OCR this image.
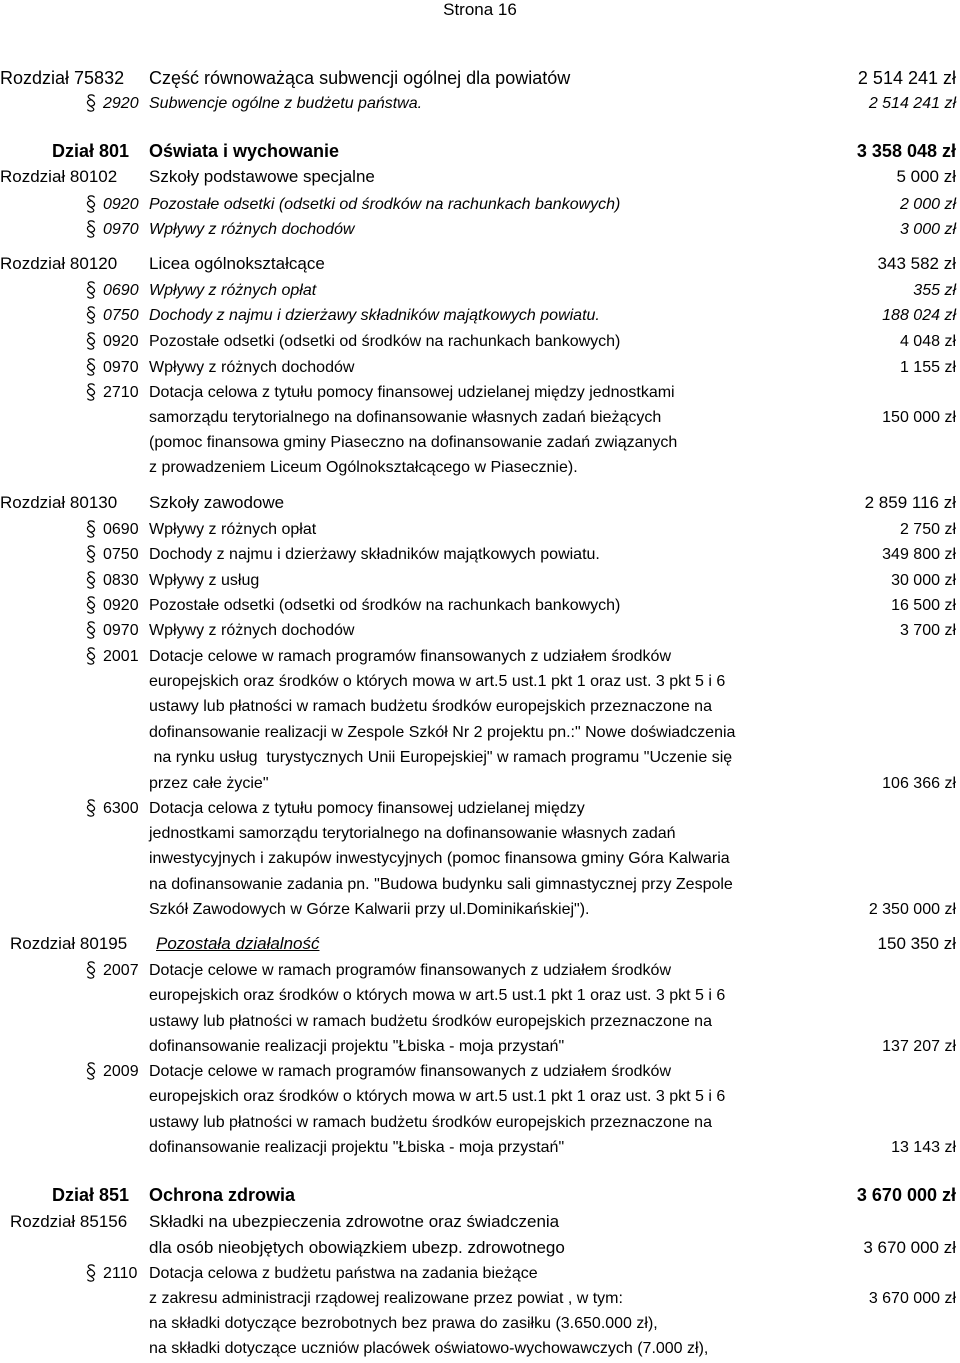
Strona 16
Rozdział 75832 Część równoważąca subwencji ogólnej dla powiatów	2 514 241 zł
2920 Subwencje ogólne z budżetu państwa.	2 514 241 zł
Dział 801 Oświata i wychowanie	3 358 048 zł
Rozdział 80102 Szkoły podstawowe specjalne	5 000 zł
0920 Pozostałe odsetki (odsetki od środków na rachunkach bankowych)	2 000 zł
0970 Wpływy z różnych dochodów	3 000 zł
Rozdział 80120 Licea ogólnokształcące	343 582 zł
0690 Wpływy z różnych opłat	355 zł
0750 Dochody z najmu i dzierżawy składników majątkowych powiatu.	188 024 zł
0920 Pozostałe odsetki (odsetki od środków na rachunkach bankowych)	4 048 zł
0970 Wpływy z różnych dochodów	1 155 zł
2710 Dotacja celowa z tytułu pomocy finansowej udzielanej między jednostkami
samorządu terytorialnego na dofinansowanie własnych zadań bieżących	150 000 zł
(pomoc finansowa gminy Piaseczno na dofinansowanie zadań związanych
z prowadzeniem Liceum Ogólnokształcącego w Piasecznie).
Rozdział 80130 Szkoły zawodowe	2 859 116 zł
0690 Wpływy z różnych opłat	2 750 zł
0750 Dochody z najmu i dzierżawy składników majątkowych powiatu.	349 800 zł
0830 Wpływy z usług	30 000 zł
0920 Pozostałe odsetki (odsetki od środków na rachunkach bankowych)	16 500 zł
0970 Wpływy z różnych dochodów	3 700 zł
2001 Dotacje celowe w ramach programów finansowanych z udziałem środków
europejskich oraz środków o których mowa w art.5 ust.1 pkt 1 oraz ust. 3 pkt 5 i 6
ustawy lub płatności w ramach budżetu środków europejskich przeznaczone na
dofinansowanie realizacji w Zespole Szkół Nr 2 projektu pn.:" Nowe doświadczenia
na rynku usług  turystycznych Unii Europejskiej" w ramach programu "Uczenie się
przez całe życie"	106 366 zł
6300 Dotacja celowa z tytułu pomocy finansowej udzielanej między
jednostkami samorządu terytorialnego na dofinansowanie własnych zadań
inwestycyjnych i zakupów inwestycyjnych (pomoc finansowa gminy Góra Kalwaria
na dofinansowanie zadania pn. "Budowa budynku sali gimnastycznej przy Zespole
Szkół Zawodowych w Górze Kalwarii przy ul.Dominikańskiej").	2 350 000 zł
Rozdział 80195 Pozostała działalność	150 350 zł
2007 Dotacje celowe w ramach programów finansowanych z udziałem środków
europejskich oraz środków o których mowa w art.5 ust.1 pkt 1 oraz ust. 3 pkt 5 i 6
ustawy lub płatności w ramach budżetu środków europejskich przeznaczone na
dofinansowanie realizacji projektu "Łbiska - moja przystań"	137 207 zł
2009 Dotacje celowe w ramach programów finansowanych z udziałem środków
europejskich oraz środków o których mowa w art.5 ust.1 pkt 1 oraz ust. 3 pkt 5 i 6
ustawy lub płatności w ramach budżetu środków europejskich przeznaczone na
dofinansowanie realizacji projektu "Łbiska - moja przystań"	13 143 zł
Dział 851 Ochrona zdrowia	3 670 000 zł
Rozdział 85156 Składki na ubezpieczenia zdrowotne oraz świadczenia
dla osób nieobjętych obowiązkiem ubezp. zdrowotnego	3 670 000 zł
2110 Dotacja celowa z budżetu państwa na zadania bieżące
z zakresu administracji rządowej realizowane przez powiat , w tym:	3 670 000 zł
na składki dotyczące bezrobotnych bez prawa do zasiłku (3.650.000 zł),
na składki dotyczące uczniów placówek oświatowo-wychowawczych (7.000 zł),
